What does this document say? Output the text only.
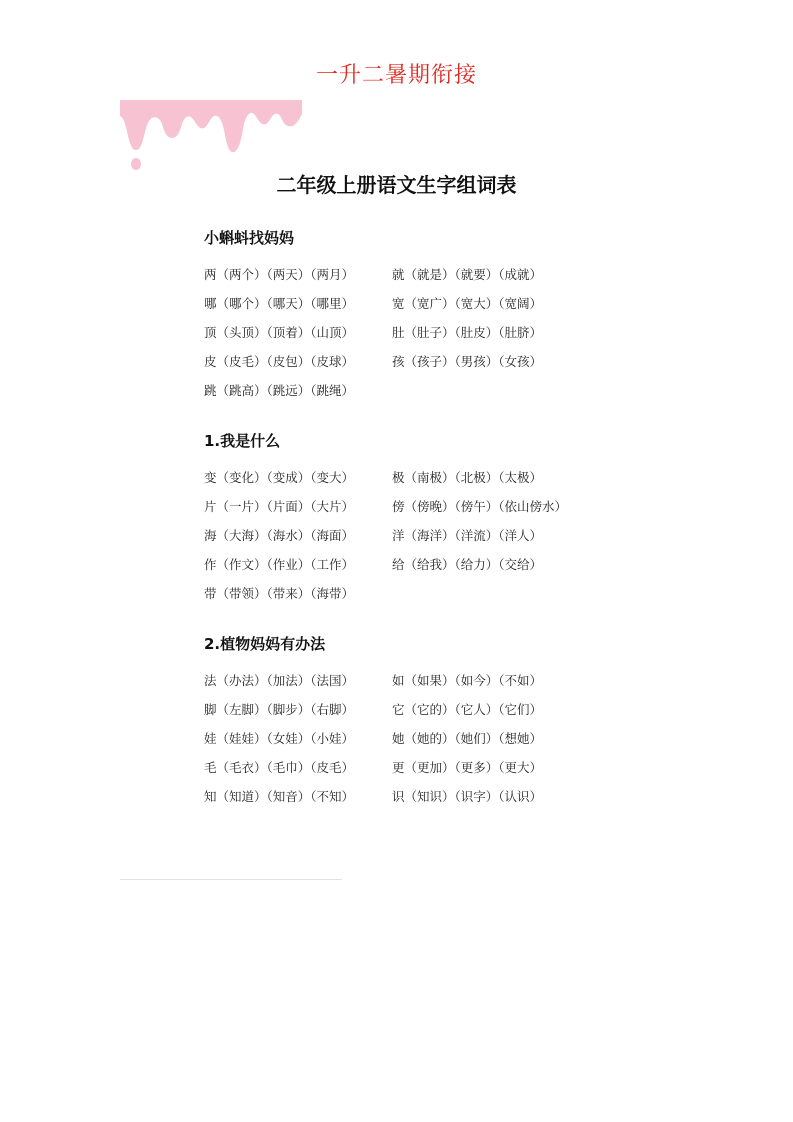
一升二暑期衔接
二年级上册语文生字组词表
小蝌蚪找妈妈
两（两个）（两天）（两月）	就（就是）（就要）（成就）
哪（哪个）（哪天）（哪里）	宽（宽广）（宽大）（宽阔）
顶（头顶）（顶着）（山顶）	肚（肚子）（肚皮）（肚脐）
皮（皮毛）（皮包）（皮球）	孩（孩子）（男孩）（女孩）
跳（跳高）（跳远）（跳绳）
1.我是什么
变（变化）（变成）（变大）	极（南极）（北极）（太极）
片（一片）（片面）（大片）	傍（傍晚）（傍午）（依山傍水）
海（大海）（海水）（海面）	洋（海洋）（洋流）（洋人）
作（作文）（作业）（工作）	给（给我）（给力）（交给）
带（带领）（带来）（海带）
2.植物妈妈有办法
法（办法）（加法）（法国）	如（如果）（如今）（不如）
脚（左脚）（脚步）（右脚）	它（它的）（它人）（它们）
娃（娃娃）（女娃）（小娃）	她（她的）（她们）（想她）
毛（毛衣）（毛巾）（皮毛）	更（更加）（更多）（更大）
知（知道）（知音）（不知）	识（知识）（识字）（认识）
